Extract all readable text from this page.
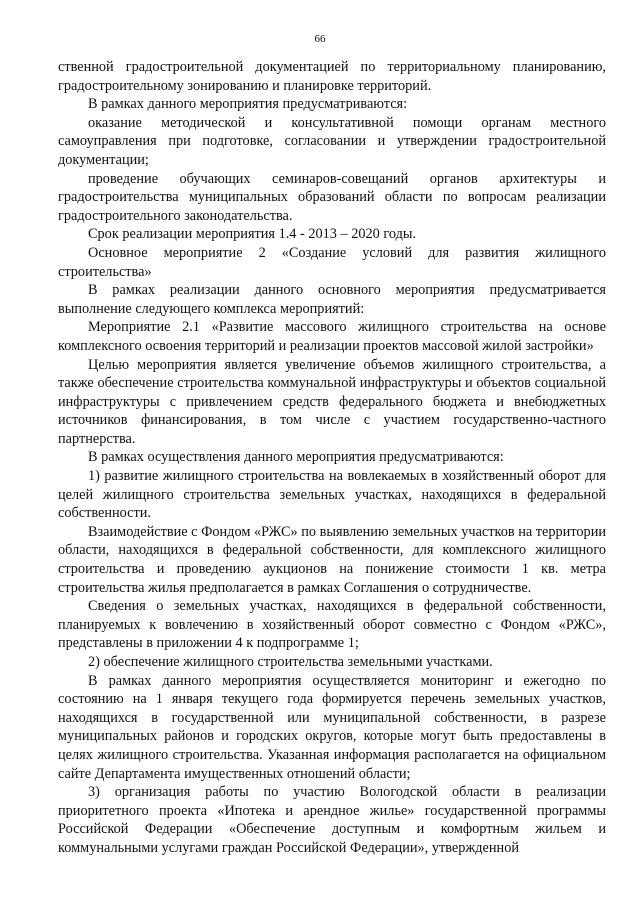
66

ственной градостроительной документацией по территориальному планированию, градостроительному зонированию и планировке территорий.

В рамках данного мероприятия предусматриваются:

оказание методической и консультативной помощи органам местного самоуправления при подготовке, согласовании и утверждении градостроительной документации;

проведение обучающих семинаров-совещаний органов архитектуры и градостроительства муниципальных образований области по вопросам реализации градостроительного законодательства.

Срок реализации мероприятия 1.4 - 2013 – 2020 годы.

Основное мероприятие 2 «Создание условий для развития жилищного строительства»

В рамках реализации данного основного мероприятия предусматривается выполнение следующего комплекса мероприятий:

Мероприятие 2.1 «Развитие массового жилищного строительства на основе комплексного освоения территорий и реализации проектов массовой жилой застройки»

Целью мероприятия является увеличение объемов жилищного строительства, а также обеспечение строительства коммунальной инфраструктуры и объектов социальной инфраструктуры с привлечением средств федерального бюджета и внебюджетных источников финансирования, в том числе с участием государственно-частного партнерства.

В рамках осуществления данного мероприятия предусматриваются:

1) развитие жилищного строительства на вовлекаемых в хозяйственный оборот для целей жилищного строительства земельных участках, находящихся в федеральной собственности.

Взаимодействие с Фондом «РЖС» по выявлению земельных участков на территории области, находящихся в федеральной собственности, для комплексного жилищного строительства и проведению аукционов на понижение стоимости 1 кв. метра строительства жилья предполагается в рамках Соглашения о сотрудничестве.

Сведения о земельных участках, находящихся в федеральной собственности, планируемых к вовлечению в хозяйственный оборот совместно с Фондом «РЖС», представлены в приложении 4 к подпрограмме 1;

2) обеспечение жилищного строительства земельными участками.

В рамках данного мероприятия осуществляется мониторинг и ежегодно по состоянию на 1 января текущего года формируется перечень земельных участков, находящихся в государственной или муниципальной собственности, в разрезе муниципальных районов и городских округов, которые могут быть предоставлены в целях жилищного строительства. Указанная информация располагается на официальном сайте Департамента имущественных отношений области;

3) организация работы по участию Вологодской области в реализации приоритетного проекта «Ипотека и арендное жилье» государственной программы Российской Федерации «Обеспечение доступным и комфортным жильем и коммунальными услугами граждан Российской Федерации», утвержденной
